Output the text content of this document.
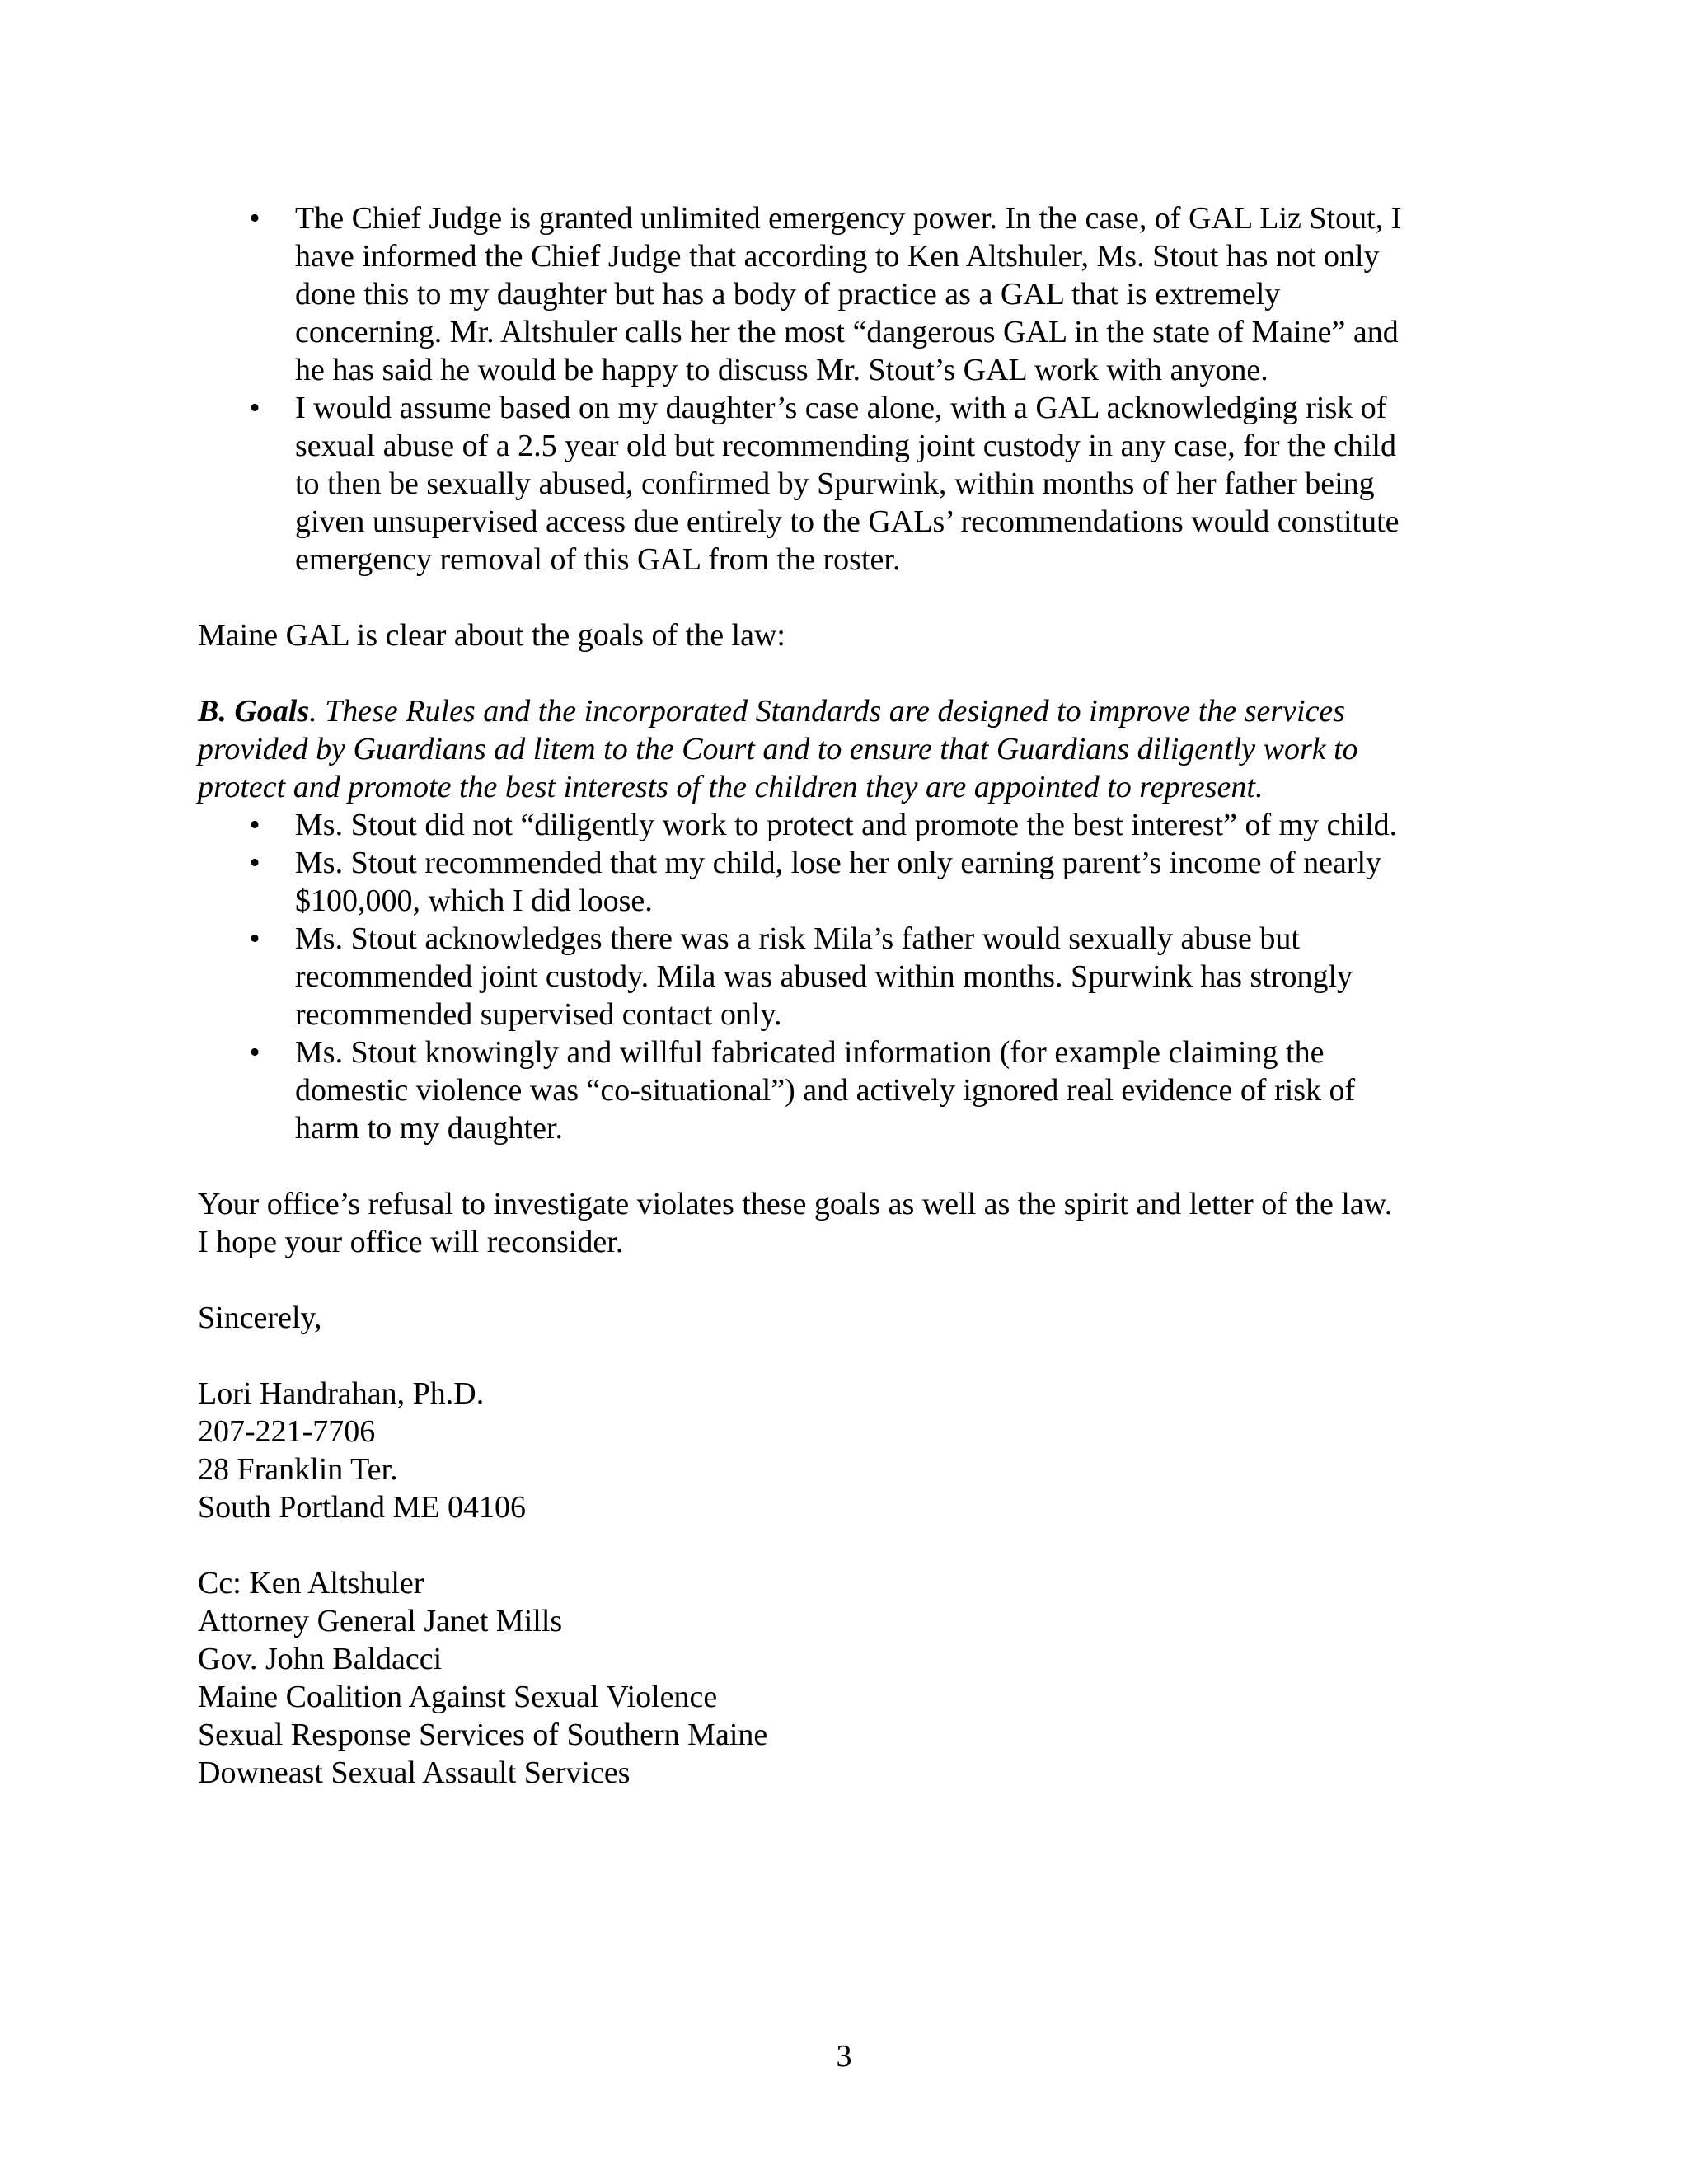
• The Chief Judge is granted unlimited emergency power. In the case, of GAL Liz Stout, I
have informed the Chief Judge that according to Ken Altshuler, Ms. Stout has not only
done this to my daughter but has a body of practice as a GAL that is extremely
concerning. Mr. Altshuler calls her the most “dangerous GAL in the state of Maine” and
he has said he would be happy to discuss Mr. Stout’s GAL work with anyone.
• I would assume based on my daughter’s case alone, with a GAL acknowledging risk of
sexual abuse of a 2.5 year old but recommending joint custody in any case, for the child
to then be sexually abused, confirmed by Spurwink, within months of her father being
given unsupervised access due entirely to the GALs’ recommendations would constitute
emergency removal of this GAL from the roster.

Maine GAL is clear about the goals of the law:

B. Goals. These Rules and the incorporated Standards are designed to improve the services
provided by Guardians ad litem to the Court and to ensure that Guardians diligently work to
protect and promote the best interests of the children they are appointed to represent.

• Ms. Stout did not “diligently work to protect and promote the best interest” of my child.
• Ms. Stout recommended that my child, lose her only earning parent’s income of nearly
$100,000, which I did loose.
• Ms. Stout acknowledges there was a risk Mila’s father would sexually abuse but
recommended joint custody. Mila was abused within months. Spurwink has strongly
recommended supervised contact only.
• Ms. Stout knowingly and willful fabricated information (for example claiming the
domestic violence was “co-situational”) and actively ignored real evidence of risk of
harm to my daughter.

Your office’s refusal to investigate violates these goals as well as the spirit and letter of the law.
I hope your office will reconsider.

Sincerely,

Lori Handrahan, Ph.D.
207-221-7706
28 Franklin Ter.
South Portland ME 04106

Cc: Ken Altshuler
Attorney General Janet Mills
Gov. John Baldacci
Maine Coalition Against Sexual Violence
Sexual Response Services of Southern Maine
Downeast Sexual Assault Services

3
